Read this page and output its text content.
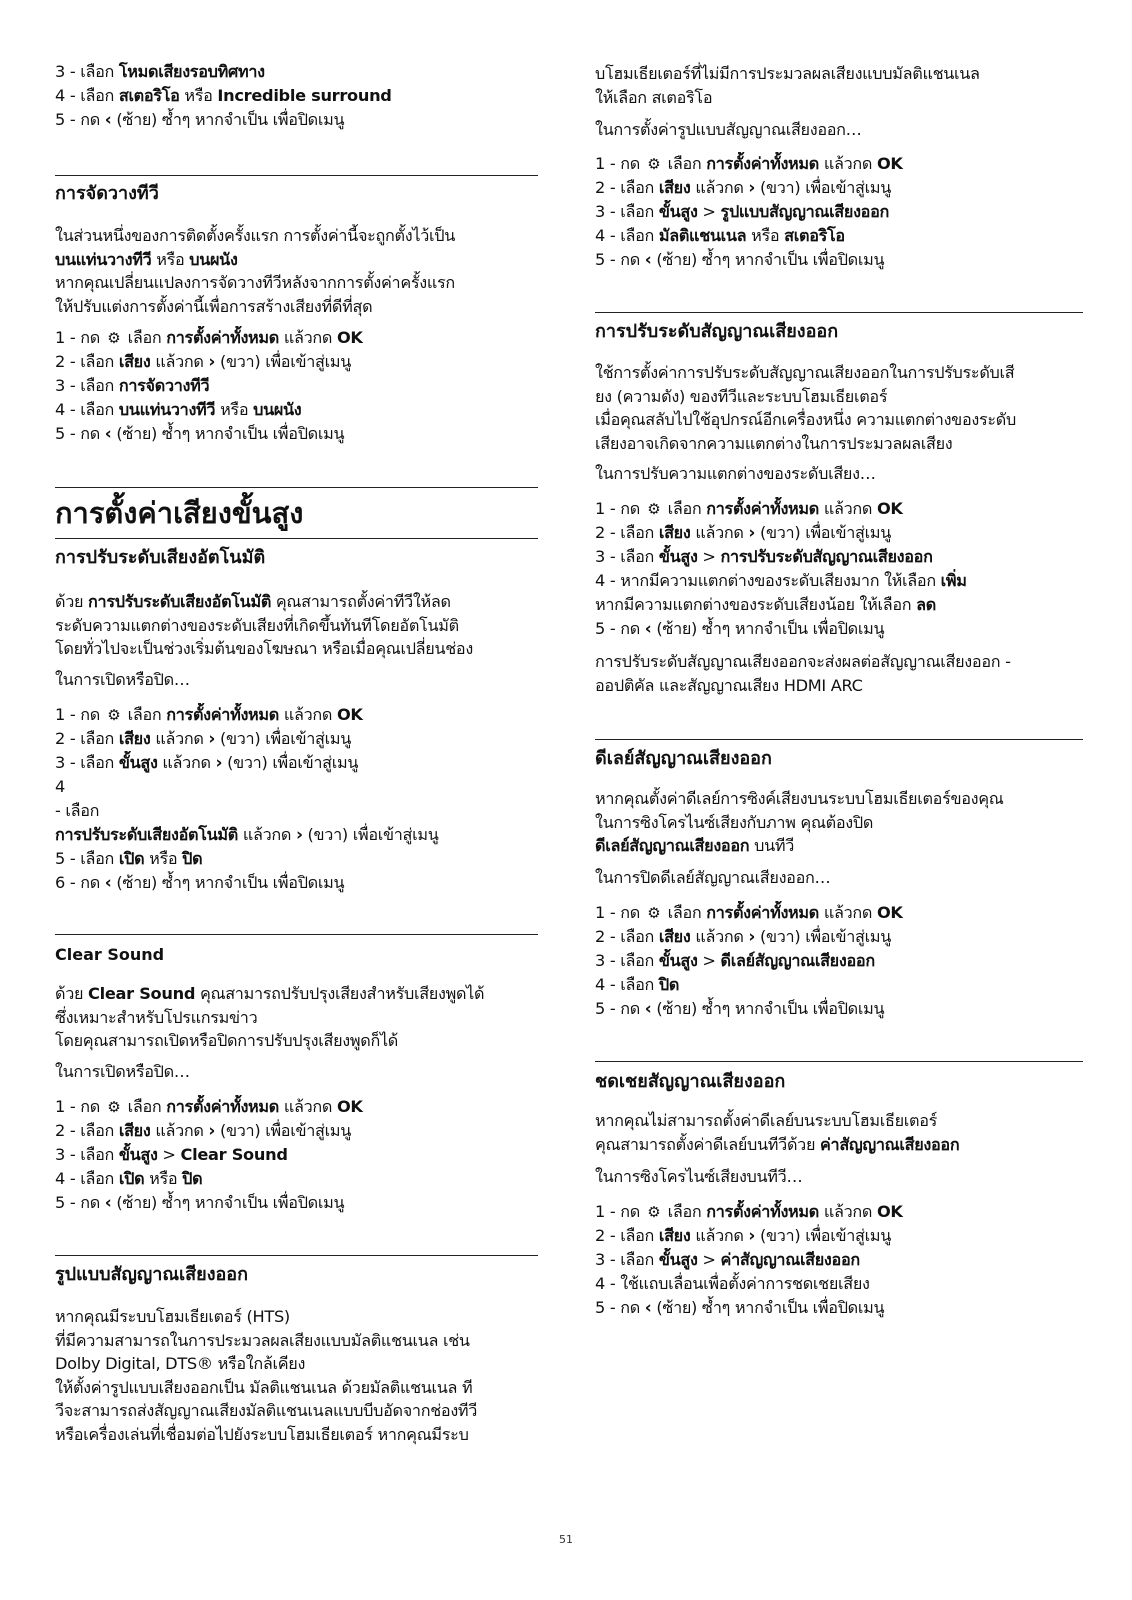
3 - เลือก โหมดเสียงรอบทิศทาง
4 - เลือก สเตอริโอ หรือ Incredible surround
5 - กด ‹ (ซ้าย) ซ้ำๆ หากจำเป็น เพื่อปิดเมนู
การจัดวางทีวี
ในส่วนหนึ่งของการติดตั้งครั้งแรก การตั้งค่านี้จะถูกตั้งไว้เป็น
บนแท่นวางทีวี หรือ บนผนัง
หากคุณเปลี่ยนแปลงการจัดวางทีวีหลังจากการตั้งค่าครั้งแรก
ให้ปรับแต่งการตั้งค่านี้เพื่อการสร้างเสียงที่ดีที่สุด
1 - กด ⚙ เลือก การตั้งค่าทั้งหมด แล้วกด OK
2 - เลือก เสียง แล้วกด › (ขวา) เพื่อเข้าสู่เมนู
3 - เลือก การจัดวางทีวี
4 - เลือก บนแท่นวางทีวี หรือ บนผนัง
5 - กด ‹ (ซ้าย) ซ้ำๆ หากจำเป็น เพื่อปิดเมนู
การตั้งค่าเสียงขั้นสูง
การปรับระดับเสียงอัตโนมัติ
ด้วย การปรับระดับเสียงอัตโนมัติ คุณสามารถตั้งค่าทีวีให้ลด
ระดับความแตกต่างของระดับเสียงที่เกิดขึ้นทันทีโดยอัตโนมัติ
โดยทั่วไปจะเป็นช่วงเริ่มต้นของโฆษณา หรือเมื่อคุณเปลี่ยนช่อง
ในการเปิดหรือปิด…
1 - กด ⚙ เลือก การตั้งค่าทั้งหมด แล้วกด OK
2 - เลือก เสียง แล้วกด › (ขวา) เพื่อเข้าสู่เมนู
3 - เลือก ขั้นสูง แล้วกด › (ขวา) เพื่อเข้าสู่เมนู
4
- เลือก
การปรับระดับเสียงอัตโนมัติ แล้วกด › (ขวา) เพื่อเข้าสู่เมนู
5 - เลือก เปิด หรือ ปิด
6 - กด ‹ (ซ้าย) ซ้ำๆ หากจำเป็น เพื่อปิดเมนู
Clear Sound
ด้วย Clear Sound คุณสามารถปรับปรุงเสียงสำหรับเสียงพูดได้
ซึ่งเหมาะสำหรับโปรแกรมข่าว
โดยคุณสามารถเปิดหรือปิดการปรับปรุงเสียงพูดก็ได้
ในการเปิดหรือปิด…
1 - กด ⚙ เลือก การตั้งค่าทั้งหมด แล้วกด OK
2 - เลือก เสียง แล้วกด › (ขวา) เพื่อเข้าสู่เมนู
3 - เลือก ขั้นสูง > Clear Sound
4 - เลือก เปิด หรือ ปิด
5 - กด ‹ (ซ้าย) ซ้ำๆ หากจำเป็น เพื่อปิดเมนู
รูปแบบสัญญาณเสียงออก
หากคุณมีระบบโฮมเธียเตอร์ (HTS)
ที่มีความสามารถในการประมวลผลเสียงแบบมัลติแชนเนล เช่น
Dolby Digital, DTS® หรือใกล้เคียง
ให้ตั้งค่ารูปแบบเสียงออกเป็น มัลติแชนเนล ด้วยมัลติแชนเนล ที
วีจะสามารถส่งสัญญาณเสียงมัลติแชนเนลแบบบีบอัดจากช่องทีวี
หรือเครื่องเล่นที่เชื่อมต่อไปยังระบบโฮมเธียเตอร์ หากคุณมีระบ
บโฮมเธียเตอร์ที่ไม่มีการประมวลผลเสียงแบบมัลติแชนเนล
ให้เลือก สเตอริโอ
ในการตั้งค่ารูปแบบสัญญาณเสียงออก…
1 - กด ⚙ เลือก การตั้งค่าทั้งหมด แล้วกด OK
2 - เลือก เสียง แล้วกด › (ขวา) เพื่อเข้าสู่เมนู
3 - เลือก ขั้นสูง > รูปแบบสัญญาณเสียงออก
4 - เลือก มัลติแชนเนล หรือ สเตอริโอ
5 - กด ‹ (ซ้าย) ซ้ำๆ หากจำเป็น เพื่อปิดเมนู
การปรับระดับสัญญาณเสียงออก
ใช้การตั้งค่าการปรับระดับสัญญาณเสียงออกในการปรับระดับเสี
ยง (ความดัง) ของทีวีและระบบโฮมเธียเตอร์
เมื่อคุณสลับไปใช้อุปกรณ์อีกเครื่องหนึ่ง ความแตกต่างของระดับ
เสียงอาจเกิดจากความแตกต่างในการประมวลผลเสียง
ในการปรับความแตกต่างของระดับเสียง…
1 - กด ⚙ เลือก การตั้งค่าทั้งหมด แล้วกด OK
2 - เลือก เสียง แล้วกด › (ขวา) เพื่อเข้าสู่เมนู
3 - เลือก ขั้นสูง > การปรับระดับสัญญาณเสียงออก
4 - หากมีความแตกต่างของระดับเสียงมาก ให้เลือก เพิ่ม
หากมีความแตกต่างของระดับเสียงน้อย ให้เลือก ลด
5 - กด ‹ (ซ้าย) ซ้ำๆ หากจำเป็น เพื่อปิดเมนู
การปรับระดับสัญญาณเสียงออกจะส่งผลต่อสัญญาณเสียงออก -
ออปติคัล และสัญญาณเสียง HDMI ARC
ดีเลย์สัญญาณเสียงออก
หากคุณตั้งค่าดีเลย์การซิงค์เสียงบนระบบโฮมเธียเตอร์ของคุณ
ในการซิงโครไนซ์เสียงกับภาพ คุณต้องปิด
ดีเลย์สัญญาณเสียงออก บนทีวี
ในการปิดดีเลย์สัญญาณเสียงออก…
1 - กด ⚙ เลือก การตั้งค่าทั้งหมด แล้วกด OK
2 - เลือก เสียง แล้วกด › (ขวา) เพื่อเข้าสู่เมนู
3 - เลือก ขั้นสูง > ดีเลย์สัญญาณเสียงออก
4 - เลือก ปิด
5 - กด ‹ (ซ้าย) ซ้ำๆ หากจำเป็น เพื่อปิดเมนู
ชดเชยสัญญาณเสียงออก
หากคุณไม่สามารถตั้งค่าดีเลย์บนระบบโฮมเธียเตอร์
คุณสามารถตั้งค่าดีเลย์บนทีวีด้วย ค่าสัญญาณเสียงออก
ในการซิงโครไนซ์เสียงบนทีวี…
1 - กด ⚙ เลือก การตั้งค่าทั้งหมด แล้วกด OK
2 - เลือก เสียง แล้วกด › (ขวา) เพื่อเข้าสู่เมนู
3 - เลือก ขั้นสูง > ค่าสัญญาณเสียงออก
4 - ใช้แถบเลื่อนเพื่อตั้งค่าการชดเชยเสียง
5 - กด ‹ (ซ้าย) ซ้ำๆ หากจำเป็น เพื่อปิดเมนู
51
